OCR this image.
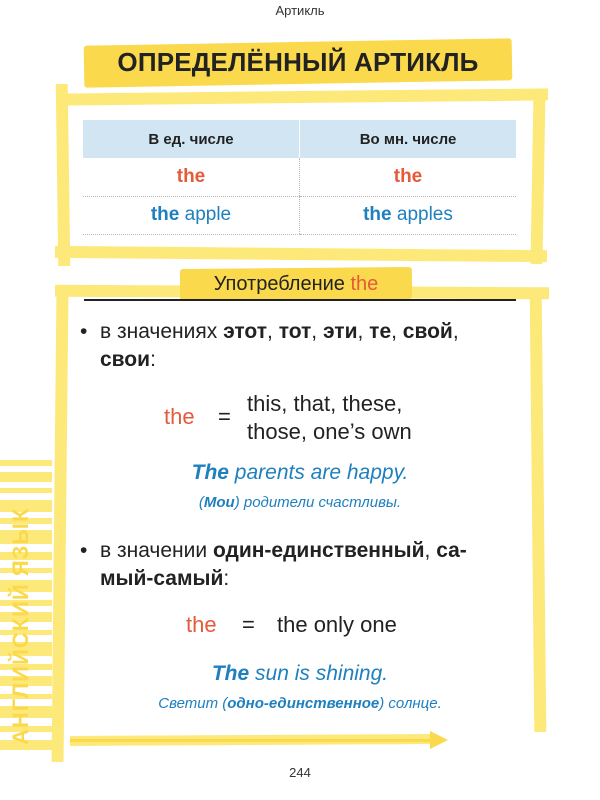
Артикль
ОПРЕДЕЛЁННЫЙ АРТИКЛЬ
В ед. числе	Во мн. числе
the	the
the apple	the apples
Употребление the
• в значениях этот, тот, эти, те, свой, свои:
the =
this, that, these,
those, one’s own
The parents are happy.
(Мои) родители счастливы.
• в значении один-единственный, са-
мый-самый:
the = the only one
The sun is shining.
Светит (одно-единственное) солнце.
АНГЛИЙСКИЙ ЯЗЫК
244
